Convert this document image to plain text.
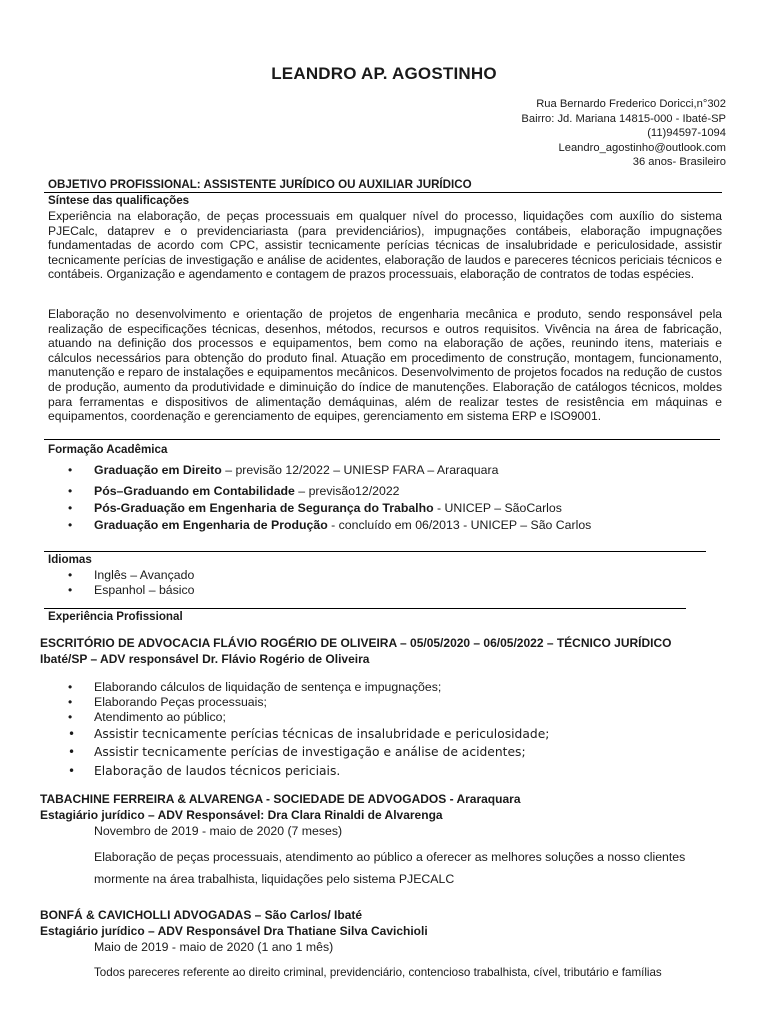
LEANDRO AP. AGOSTINHO
Rua Bernardo Frederico Doricci,n°302
Bairro: Jd. Mariana 14815-000 - Ibaté-SP
(11)94597-1094
Leandro_agostinho@outlook.com
36 anos- Brasileiro
OBJETIVO PROFISSIONAL: ASSISTENTE JURÍDICO OU AUXILIAR JURÍDICO
Síntese das qualificações
Experiência na elaboração, de peças processuais em qualquer nível do processo, liquidações com auxílio do sistema PJECalc, dataprev e o previdenciariasta (para previdenciários), impugnações contábeis, elaboração impugnações fundamentadas de acordo com CPC, assistir tecnicamente perícias técnicas de insalubridade e periculosidade, assistir tecnicamente perícias de investigação e análise de acidentes, elaboração de laudos e pareceres técnicos periciais técnicos e contábeis. Organização e agendamento e contagem de prazos processuais, elaboração de contratos de todas espécies.
Elaboração no desenvolvimento e orientação de projetos de engenharia mecânica e produto, sendo responsável pela realização de especificações técnicas, desenhos, métodos, recursos e outros requisitos. Vivência na área de fabricação, atuando na definição dos processos e equipamentos, bem como na elaboração de ações, reunindo itens, materiais e cálculos necessários para obtenção do produto final. Atuação em procedimento de construção, montagem, funcionamento, manutenção e reparo de instalações e equipamentos mecânicos. Desenvolvimento de projetos focados na redução de custos de produção, aumento da produtividade e diminuição do índice de manutenções. Elaboração de catálogos técnicos, moldes para ferramentas e dispositivos de alimentação demáquinas, além de realizar testes de resistência em máquinas e equipamentos, coordenação e gerenciamento de equipes, gerenciamento em sistema ERP e ISO9001.
Formação Acadêmica
• Graduação em Direito – previsão 12/2022 – UNIESP FARA – Araraquara
• Pós–Graduando em Contabilidade – previsão12/2022
• Pós-Graduação em Engenharia de Segurança do Trabalho - UNICEP – SãoCarlos
• Graduação em Engenharia de Produção - concluído em 06/2013 - UNICEP – São Carlos
Idiomas
• Inglês – Avançado
• Espanhol – básico
Experiência Profissional
ESCRITÓRIO DE ADVOCACIA FLÁVIO ROGÉRIO DE OLIVEIRA – 05/05/2020 – 06/05/2022 – TÉCNICO JURÍDICO
Ibaté/SP – ADV responsável Dr. Flávio Rogério de Oliveira
• Elaborando cálculos de liquidação de sentença e impugnações;
• Elaborando Peças processuais;
• Atendimento ao público;
• Assistir tecnicamente perícias técnicas de insalubridade e periculosidade;
• Assistir tecnicamente perícias de investigação e análise de acidentes;
• Elaboração de laudos técnicos periciais.
TABACHINE FERREIRA & ALVARENGA - SOCIEDADE DE ADVOGADOS - Araraquara
Estagiário jurídico – ADV Responsável: Dra Clara Rinaldi de Alvarenga
Novembro de 2019 - maio de 2020 (7 meses)
Elaboração de peças processuais, atendimento ao público a oferecer as melhores soluções a nosso clientes
mormente na área trabalhista, liquidações pelo sistema PJECALC
BONFÁ & CAVICHOLLI ADVOGADAS – São Carlos/ Ibaté
Estagiário jurídico – ADV Responsável Dra Thatiane Silva Cavichioli
Maio de 2019 - maio de 2020 (1 ano 1 mês)
Todos pareceres referente ao direito criminal, previdenciário, contencioso trabalhista, cível, tributário e famílias
